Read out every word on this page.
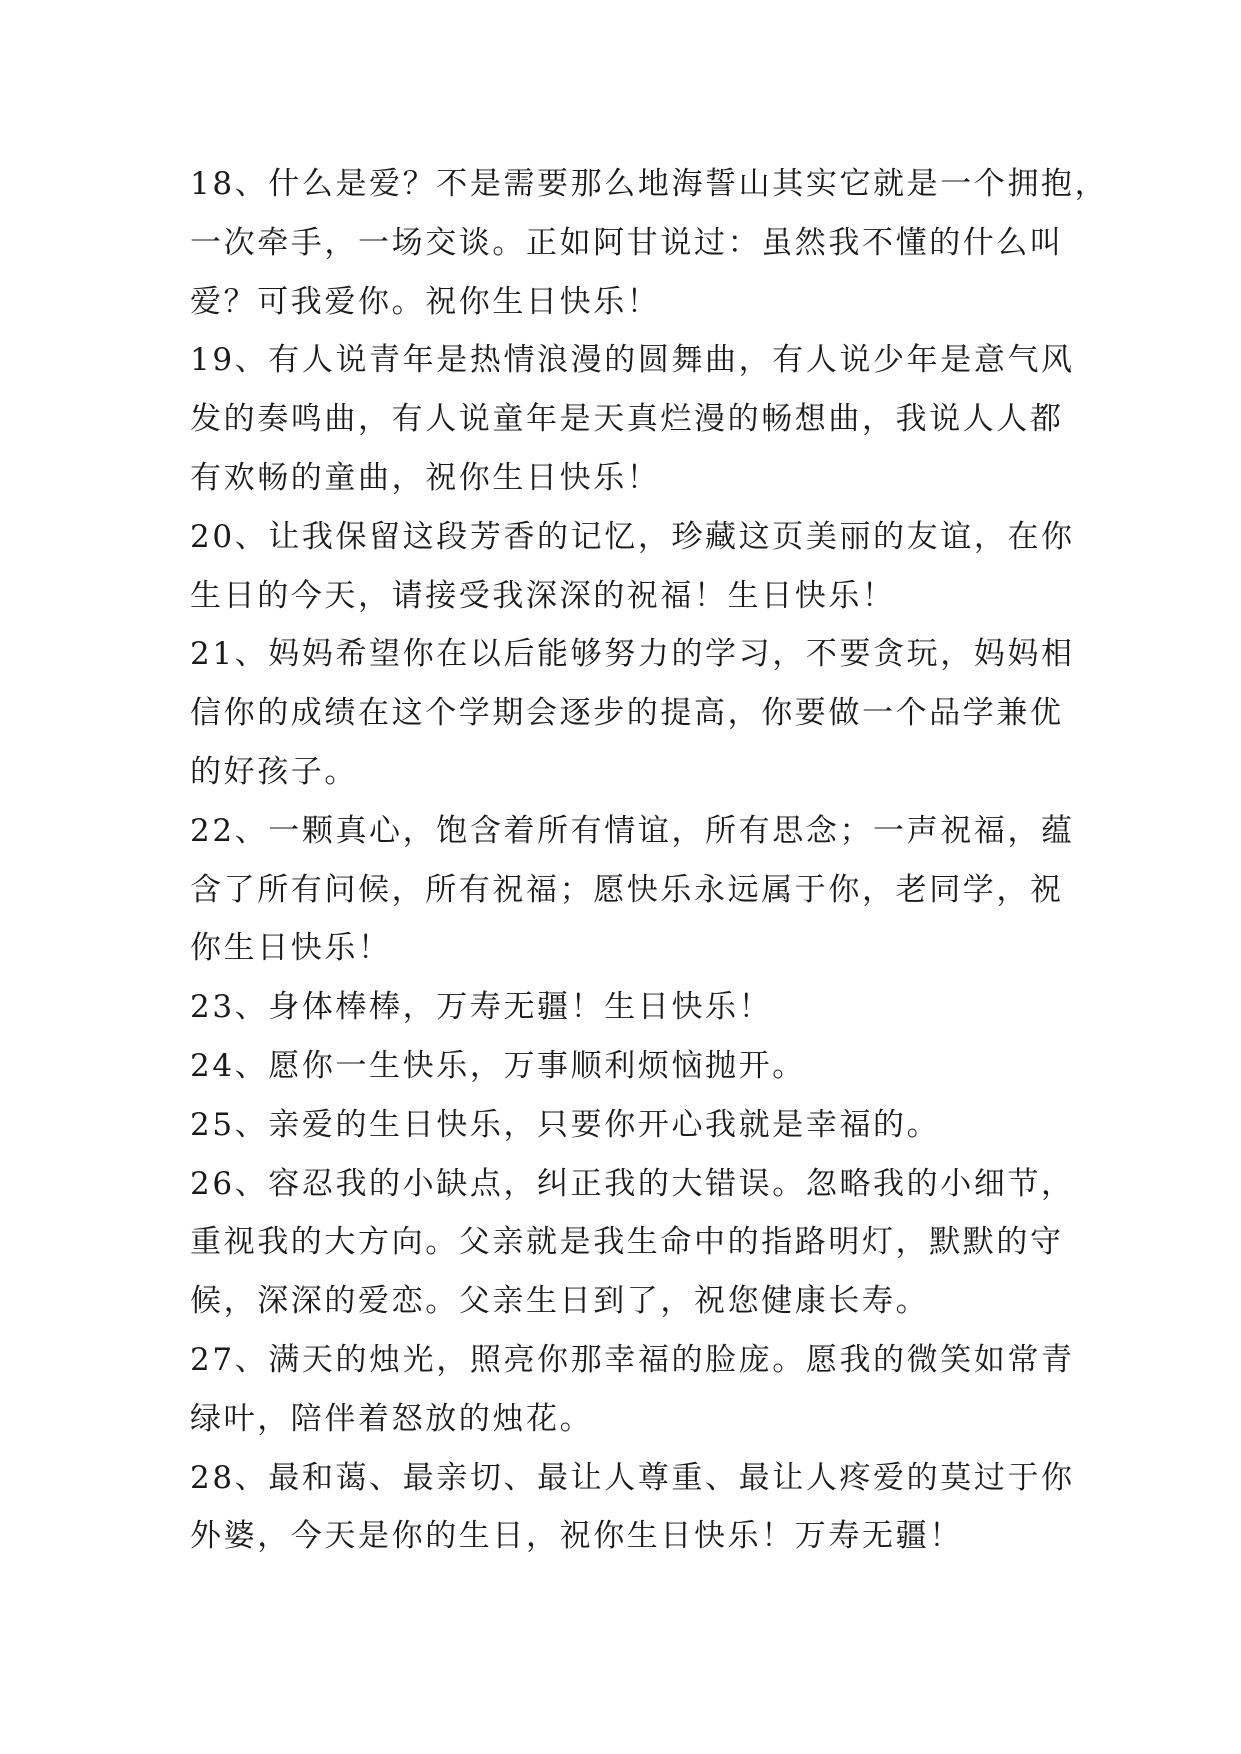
18、什么是爱？不是需要那么地海誓山其实它就是一个拥抱，
一次牵手，一场交谈。正如阿甘说过：虽然我不懂的什么叫
爱？可我爱你。祝你生日快乐！
19、有人说青年是热情浪漫的圆舞曲，有人说少年是意气风
发的奏鸣曲，有人说童年是天真烂漫的畅想曲，我说人人都
有欢畅的童曲，祝你生日快乐！
20、让我保留这段芳香的记忆，珍藏这页美丽的友谊，在你
生日的今天，请接受我深深的祝福！生日快乐！
21、妈妈希望你在以后能够努力的学习，不要贪玩，妈妈相
信你的成绩在这个学期会逐步的提高，你要做一个品学兼优
的好孩子。
22、一颗真心，饱含着所有情谊，所有思念；一声祝福，蕴
含了所有问候，所有祝福；愿快乐永远属于你，老同学，祝
你生日快乐！
23、身体棒棒，万寿无疆！生日快乐！
24、愿你一生快乐，万事顺利烦恼抛开。
25、亲爱的生日快乐，只要你开心我就是幸福的。
26、容忍我的小缺点，纠正我的大错误。忽略我的小细节，
重视我的大方向。父亲就是我生命中的指路明灯，默默的守
候，深深的爱恋。父亲生日到了，祝您健康长寿。
27、满天的烛光，照亮你那幸福的脸庞。愿我的微笑如常青
绿叶，陪伴着怒放的烛花。
28、最和蔼、最亲切、最让人尊重、最让人疼爱的莫过于你
外婆，今天是你的生日，祝你生日快乐！万寿无疆！
